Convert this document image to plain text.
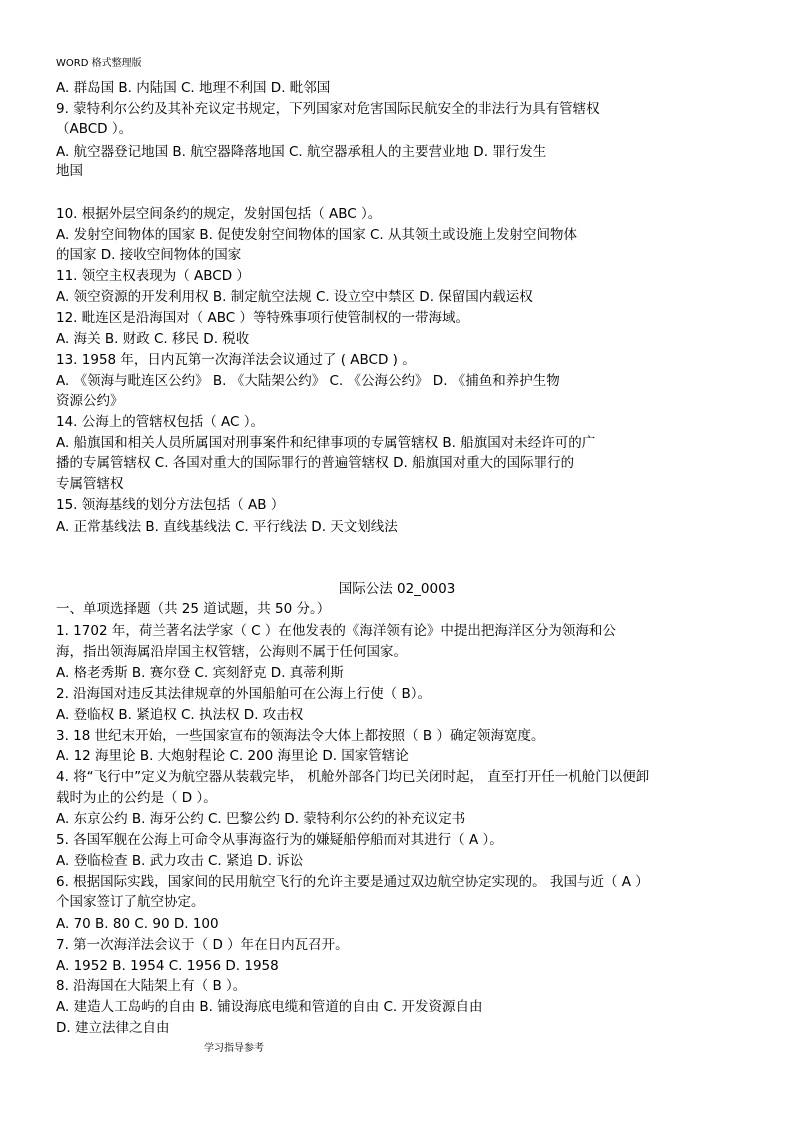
WORD 格式整理版
A. 群岛国 B. 内陆国 C. 地理不利国 D. 毗邻国
9. 蒙特利尔公约及其补充议定书规定，下列国家对危害国际民航安全的非法行为具有管辖权
（ABCD ）。
A. 航空器登记地国 B. 航空器降落地国 C. 航空器承租人的主要营业地 D. 罪行发生
地国
10. 根据外层空间条约的规定，发射国包括（ ABC ）。
A. 发射空间物体的国家 B. 促使发射空间物体的国家 C. 从其领土或设施上发射空间物体
的国家 D. 接收空间物体的国家
11. 领空主权表现为（ ABCD ）
A. 领空资源的开发利用权 B. 制定航空法规 C. 设立空中禁区 D. 保留国内载运权
12. 毗连区是沿海国对（ ABC ）等特殊事项行使管制权的一带海域。
A. 海关 B. 财政 C. 移民 D. 税收
13. 1958 年，日内瓦第一次海洋法会议通过了 ( ABCD ) 。
A. 《领海与毗连区公约》 B. 《大陆架公约》 C. 《公海公约》 D. 《捕鱼和养护生物
资源公约》
14. 公海上的管辖权包括（ AC ）。
A. 船旗国和相关人员所属国对刑事案件和纪律事项的专属管辖权 B. 船旗国对未经许可的广
播的专属管辖权 C. 各国对重大的国际罪行的普遍管辖权 D. 船旗国对重大的国际罪行的
专属管辖权
15. 领海基线的划分方法包括（ AB ）
A. 正常基线法 B. 直线基线法 C. 平行线法 D. 天文划线法
国际公法 02_0003
一、单项选择题（共 25 道试题，共 50 分。）
1. 1702 年，荷兰著名法学家（ C ）在他发表的《海洋领有论》中提出把海洋区分为领海和公
海，指出领海属沿岸国主权管辖，公海则不属于任何国家。
A. 格老秀斯 B. 赛尔登 C. 宾刻舒克 D. 真蒂利斯
2. 沿海国对违反其法律规章的外国船舶可在公海上行使（ B）。
A. 登临权 B. 紧追权 C. 执法权 D. 攻击权
3. 18 世纪末开始，一些国家宣布的领海法令大体上都按照（ B ）确定领海宽度。
A. 12 海里论 B. 大炮射程论 C. 200 海里论 D. 国家管辖论
4. 将“飞行中”定义为航空器从装载完毕， 机舱外部各门均已关闭时起， 直至打开任一机舱门以便卸
载时为止的公约是（ D ）。
A. 东京公约 B. 海牙公约 C. 巴黎公约 D. 蒙特利尔公约的补充议定书
5. 各国军舰在公海上可命令从事海盗行为的嫌疑船停船而对其进行（ A ）。
A. 登临检查 B. 武力攻击 C. 紧追 D. 诉讼
6. 根据国际实践，国家间的民用航空飞行的允许主要是通过双边航空协定实现的。 我国与近（ A ）
个国家签订了航空协定。
A. 70 B. 80 C. 90 D. 100
7. 第一次海洋法会议于（ D ）年在日内瓦召开。
A. 1952 B. 1954 C. 1956 D. 1958
8. 沿海国在大陆架上有（ B ）。
A. 建造人工岛屿的自由 B. 铺设海底电缆和管道的自由 C. 开发资源自由
D. 建立法律之自由
学习指导参考
